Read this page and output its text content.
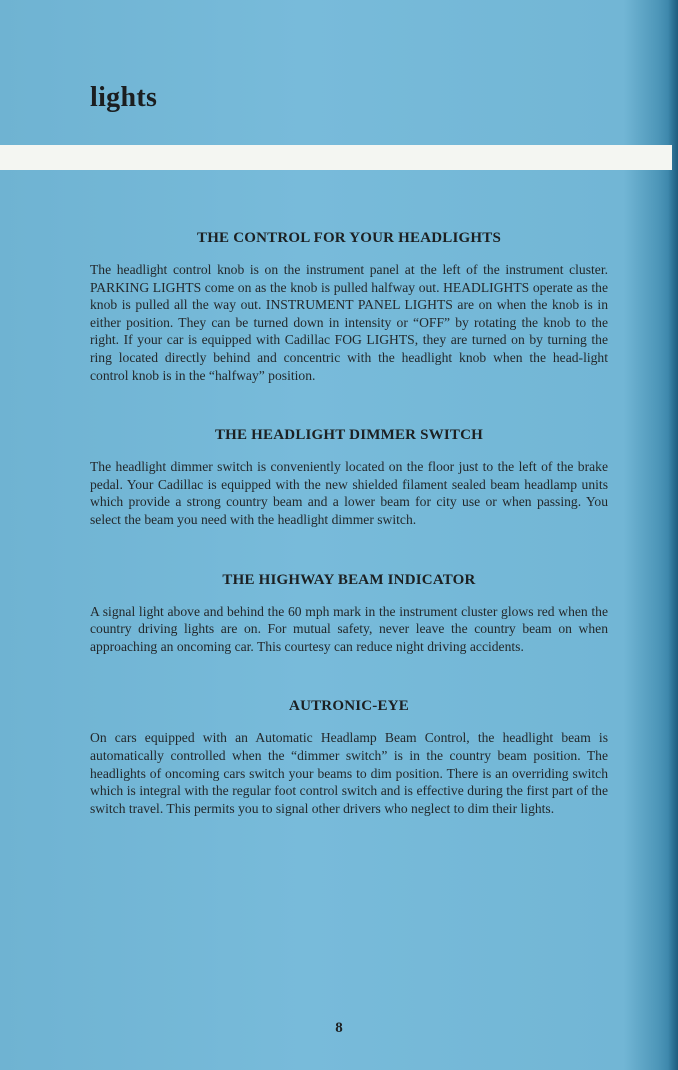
lights
THE CONTROL FOR YOUR HEADLIGHTS

The headlight control knob is on the instrument panel at the left of the instrument cluster. PARKING LIGHTS come on as the knob is pulled halfway out. HEADLIGHTS operate as the knob is pulled all the way out. INSTRUMENT PANEL LIGHTS are on when the knob is in either position. They can be turned down in intensity or “OFF” by rotating the knob to the right. If your car is equipped with Cadillac FOG LIGHTS, they are turned on by turning the ring located directly behind and concentric with the headlight knob when the head-light control knob is in the “halfway” position.

THE HEADLIGHT DIMMER SWITCH

The headlight dimmer switch is conveniently located on the floor just to the left of the brake pedal. Your Cadillac is equipped with the new shielded filament sealed beam headlamp units which provide a strong country beam and a lower beam for city use or when passing. You select the beam you need with the headlight dimmer switch.

THE HIGHWAY BEAM INDICATOR

A signal light above and behind the 60 mph mark in the instrument cluster glows red when the country driving lights are on. For mutual safety, never leave the country beam on when approaching an oncoming car. This courtesy can reduce night driving accidents.

AUTRONIC-EYE

On cars equipped with an Automatic Headlamp Beam Control, the headlight beam is automatically controlled when the “dimmer switch” is in the country beam position. The headlights of oncoming cars switch your beams to dim position. There is an overriding switch which is integral with the regular foot control switch and is effective during the first part of the switch travel. This permits you to signal other drivers who neglect to dim their lights.

8
